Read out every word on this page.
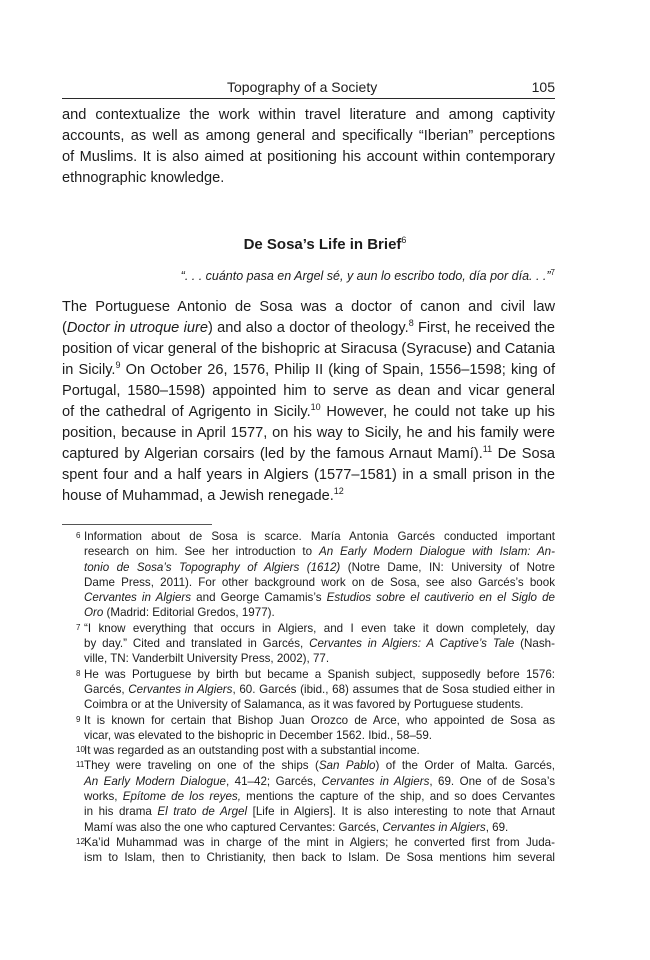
Topography of a Society	105
and contextualize the work within travel literature and among captivity
accounts, as well as among general and specifically “Iberian” perceptions
of Muslims. It is also aimed at positioning his account within contemporary
ethnographic knowledge.
De Sosa’s Life in Brief$^6$
“. . . cuánto pasa en Argel sé, y aun lo escribo todo, día por día. . .”$^7$
The Portuguese Antonio de Sosa was a doctor of canon and civil law
(Doctor in utroque iure) and also a doctor of theology.$^8$ First, he received the
position of vicar general of the bishopric at Siracusa (Syracuse) and Catania
in Sicily.$^9$ On October 26, 1576, Philip II (king of Spain, 1556–1598; king of
Portugal, 1580–1598) appointed him to serve as dean and vicar general
of the cathedral of Agrigento in Sicily.$^{10}$ However, he could not take up his
position, because in April 1577, on his way to Sicily, he and his family were
captured by Algerian corsairs (led by the famous Arnaut Mamí).$^{11}$ De Sosa
spent four and a half years in Algiers (1577–1581) in a small prison in the
house of Muhammad, a Jewish renegade.$^{12}$
6 Information about de Sosa is scarce. María Antonia Garcés conducted important
research on him. See her introduction to An Early Modern Dialogue with Islam: An-
tonio de Sosa’s Topography of Algiers (1612) (Notre Dame, IN: University of Notre
Dame Press, 2011). For other background work on de Sosa, see also Garcés’s book
Cervantes in Algiers and George Camamis’s Estudios sobre el cautiverio en el Siglo de
Oro (Madrid: Editorial Gredos, 1977).
7 “I know everything that occurs in Algiers, and I even take it down completely, day
by day.” Cited and translated in Garcés, Cervantes in Algiers: A Captive’s Tale (Nash-
ville, TN: Vanderbilt University Press, 2002), 77.
8 He was Portuguese by birth but became a Spanish subject, supposedly before 1576:
Garcés, Cervantes in Algiers, 60. Garcés (ibid., 68) assumes that de Sosa studied either in
Coimbra or at the University of Salamanca, as it was favored by Portuguese students.
9 It is known for certain that Bishop Juan Orozco de Arce, who appointed de Sosa as
vicar, was elevated to the bishopric in December 1562. Ibid., 58–59.
10 It was regarded as an outstanding post with a substantial income.
11 They were traveling on one of the ships (San Pablo) of the Order of Malta. Garcés,
An Early Modern Dialogue, 41–42; Garcés, Cervantes in Algiers, 69. One of de Sosa’s
works, Epítome de los reyes, mentions the capture of the ship, and so does Cervantes
in his drama El trato de Argel [Life in Algiers]. It is also interesting to note that Arnaut
Mamí was also the one who captured Cervantes: Garcés, Cervantes in Algiers, 69.
12 Ka’id Muhammad was in charge of the mint in Algiers; he converted first from Juda-
ism to Islam, then to Christianity, then back to Islam. De Sosa mentions him several
